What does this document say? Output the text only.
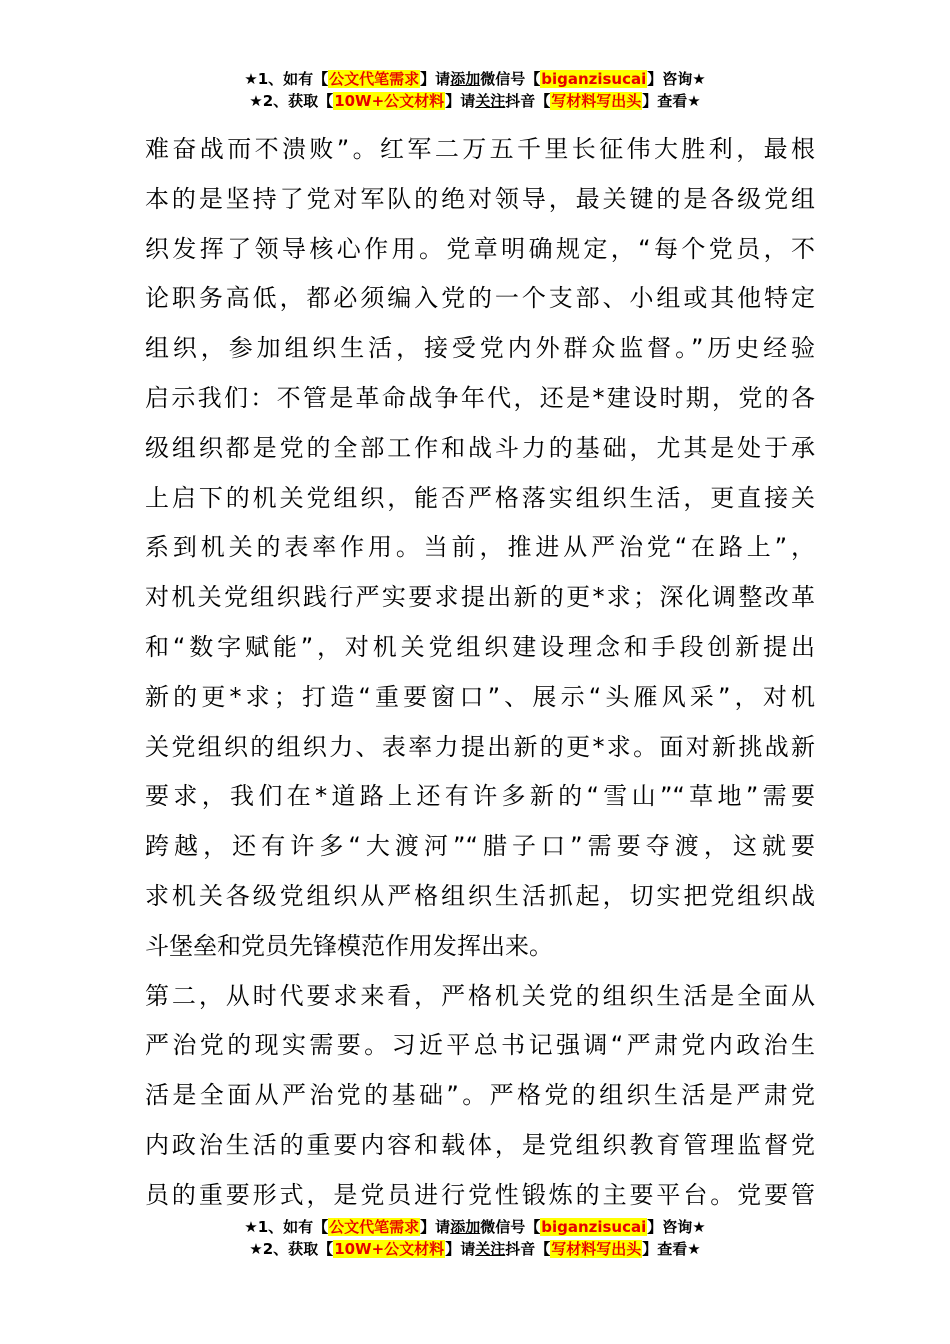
★1、如有【公文代笔需求】请添加微信号【biganzisucai】咨询★
★2、获取【10W+公文材料】请关注抖音【写材料写出头】查看★
难奋战而不溃败”。红军二万五千里长征伟大胜利，最根
本的是坚持了党对军队的绝对领导，最关键的是各级党组
织发挥了领导核心作用。党章明确规定，“每个党员，不
论职务高低，都必须编入党的一个支部、小组或其他特定
组织，参加组织生活，接受党内外群众监督。”历史经验
启示我们：不管是革命战争年代，还是*建设时期，党的各
级组织都是党的全部工作和战斗力的基础，尤其是处于承
上启下的机关党组织，能否严格落实组织生活，更直接关
系到机关的表率作用。当前，推进从严治党“在路上”，
对机关党组织践行严实要求提出新的更*求；深化调整改革
和“数字赋能”，对机关党组织建设理念和手段创新提出
新的更*求；打造“重要窗口”、展示“头雁风采”，对机
关党组织的组织力、表率力提出新的更*求。面对新挑战新
要求，我们在*道路上还有许多新的“雪山”“草地”需要
跨越，还有许多“大渡河”“腊子口”需要夺渡，这就要
求机关各级党组织从严格组织生活抓起，切实把党组织战
斗堡垒和党员先锋模范作用发挥出来。
第二，从时代要求来看，严格机关党的组织生活是全面从
严治党的现实需要。习近平总书记强调“严肃党内政治生
活是全面从严治党的基础”。严格党的组织生活是严肃党
内政治生活的重要内容和载体，是党组织教育管理监督党
员的重要形式，是党员进行党性锻炼的主要平台。党要管
★1、如有【公文代笔需求】请添加微信号【biganzisucai】咨询★
★2、获取【10W+公文材料】请关注抖音【写材料写出头】查看★
